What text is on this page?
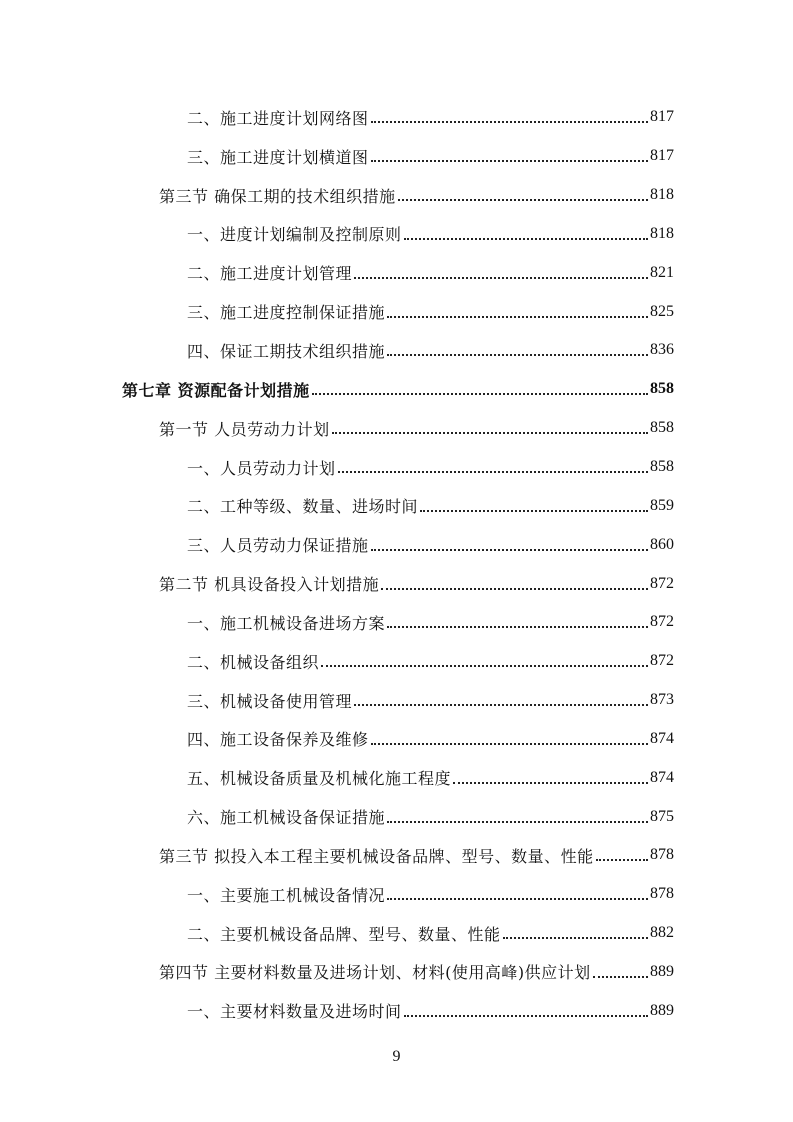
二、施工进度计划网络图	817
三、施工进度计划横道图	817
第三节 确保工期的技术组织措施	818
一、进度计划编制及控制原则	818
二、施工进度计划管理	821
三、施工进度控制保证措施	825
四、保证工期技术组织措施	836
第七章 资源配备计划措施	858
第一节 人员劳动力计划	858
一、人员劳动力计划	858
二、工种等级、数量、进场时间	859
三、人员劳动力保证措施	860
第二节 机具设备投入计划措施	872
一、施工机械设备进场方案	872
二、机械设备组织	872
三、机械设备使用管理	873
四、施工设备保养及维修	874
五、机械设备质量及机械化施工程度	874
六、施工机械设备保证措施	875
第三节 拟投入本工程主要机械设备品牌、型号、数量、性能	878
一、主要施工机械设备情况	878
二、主要机械设备品牌、型号、数量、性能	882
第四节 主要材料数量及进场计划、材料(使用高峰)供应计划	889
一、主要材料数量及进场时间	889
9
